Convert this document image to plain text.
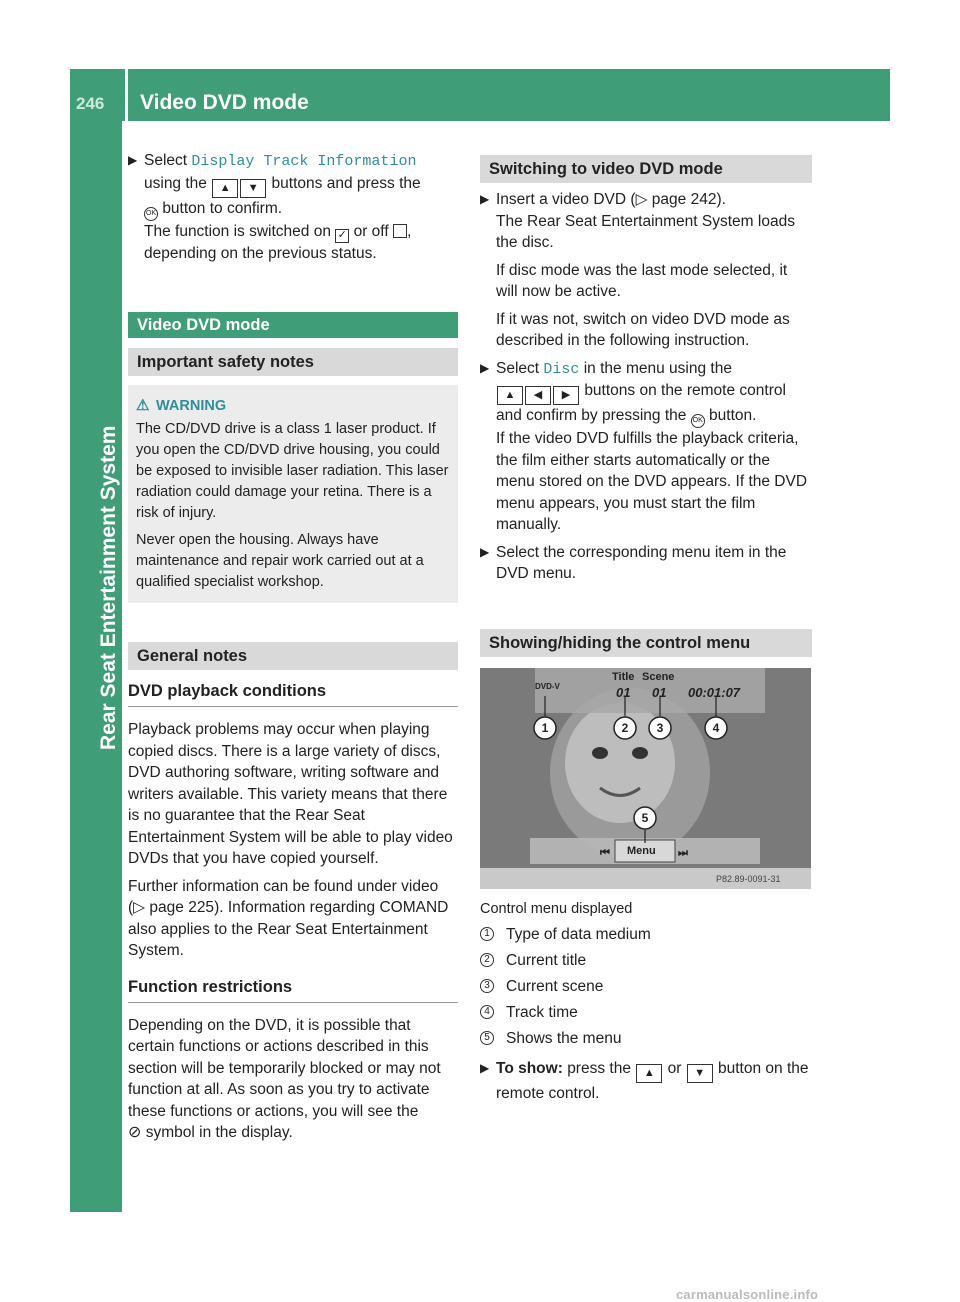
246 Video DVD mode
Rear Seat Entertainment System
▶ Select Display Track Information
using the ▲ ▼ buttons and press the
OK button to confirm.
The function is switched on ✓ or off ,
depending on the previous status.
Video DVD mode
Important safety notes
⚠ WARNING

The CD/DVD drive is a class 1 laser product. If you open the CD/DVD drive housing, you could be exposed to invisible laser radiation. This laser radiation could damage your retina. There is a risk of injury.

Never open the housing. Always have maintenance and repair work carried out at a qualified specialist workshop.

General notes
DVD playback conditions

Playback problems may occur when playing copied discs. There is a large variety of discs, DVD authoring software, writing software and writers available. This variety means that there is no guarantee that the Rear Seat Entertainment System will be able to play video DVDs that you have copied yourself.

Further information can be found under video (▷ page 225). Information regarding COMAND also applies to the Rear Seat Entertainment System.

Function restrictions

Depending on the DVD, it is possible that certain functions or actions described in this section will be temporarily blocked or may not function at all. As soon as you try to activate these functions or actions, you will see the
⊘ symbol in the display.

Switching to video DVD mode
▶ Insert a video DVD (▷ page 242).

The Rear Seat Entertainment System loads the disc.

If disc mode was the last mode selected, it will now be active.

If it was not, switch on video DVD mode as described in the following instruction.

▶ Select Disc in the menu using the
▲ ◀ ▶ buttons on the remote control and confirm by pressing the OK button.

If the video DVD fulfills the playback criteria, the film either starts automatically or the menu stored on the DVD appears. If the DVD menu appears, you must start the film manually.

▶ Select the corresponding menu item in the DVD menu.
Showing/hiding the control menu
⏮	⏭
DVD-V
Title Scene
01 01 00:01:07
1	2 3	4
5
Menu
P82.89-0091-31
Control menu displayed
1 Type of data medium
2 Current title
3 Current scene
4 Track time
5 Shows the menu
▶ To show: press the ▲ or ▼ button on the remote control.
carmanualsonline.info
